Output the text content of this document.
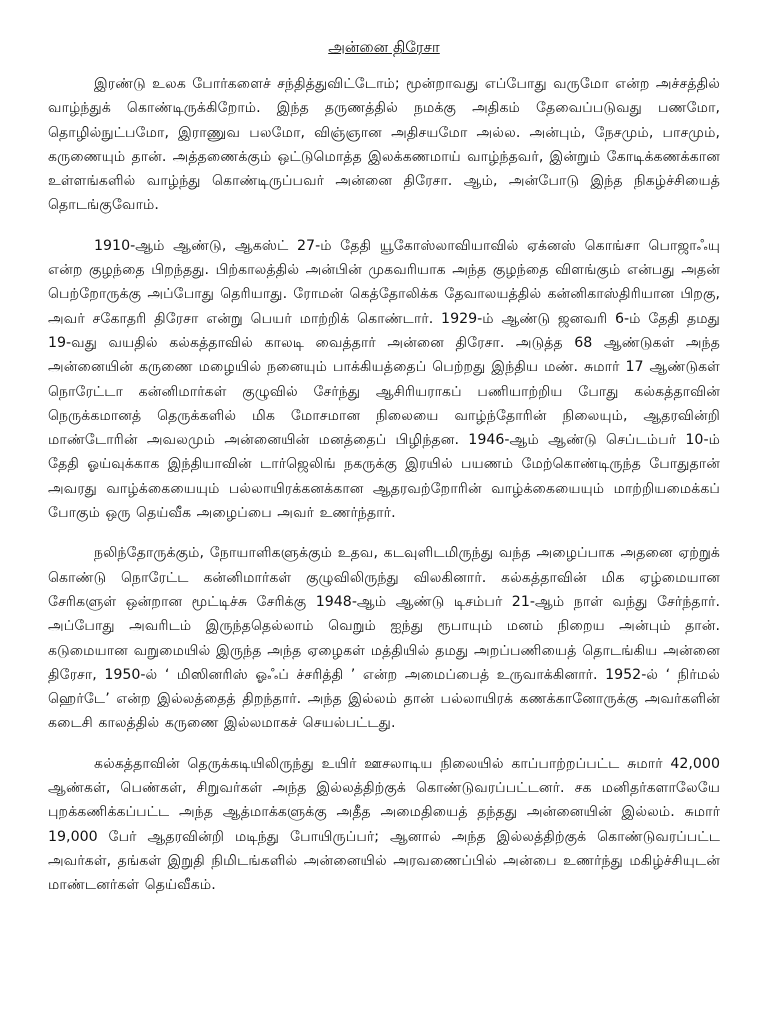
அன்னை திரேசா

இரண்டு உலக போர்களைச் சந்தித்துவிட்டோம்; மூன்றாவது எப்போது வருமோ என்ற அச்சத்தில் வாழ்ந்துக் கொண்டிருக்கிறோம். இந்த தருணத்தில் நமக்கு அதிகம் தேவைப்படுவது பணமோ, தொழில்நுட்பமோ, இராணுவ பலமோ, விஞ்ஞான அதிசயமோ அல்ல. அன்பும், நேசமும், பாசமும், கருணையும் தான். அத்தணைக்கும் ஒட்டுமொத்த இலக்கணமாய் வாழ்ந்தவர், இன்றும் கோடிக்கணக்கான உள்ளங்களில் வாழ்ந்து கொண்டிருப்பவர் அன்னை திரேசா. ஆம், அன்போடு இந்த நிகழ்ச்சியைத் தொடங்குவோம்.

1910-ஆம் ஆண்டு, ஆகஸ்ட் 27-ம் தேதி யூகோஸ்லாவியாவில் ஏக்னஸ் கொங்சா பொஜாஃயு என்ற குழந்தை பிறந்தது. பிற்காலத்தில் அன்பின் முகவரியாக அந்த குழந்தை விளங்கும் என்பது அதன் பெற்றோருக்கு அப்போது தெரியாது. ரோமன் கெத்தோலிக்க தேவாலயத்தில் கன்னிகாஸ்திரியான பிறகு, அவர் சகோதரி திரேசா என்று பெயர் மாற்றிக் கொண்டார். 1929-ம் ஆண்டு ஜனவரி 6-ம் தேதி தமது 19-வது வயதில் கல்கத்தாவில் காலடி வைத்தார் அன்னை திரேசா. அடுத்த 68 ஆண்டுகள் அந்த அன்னையின் கருணை மழையில் நனையும் பாக்கியத்தைப் பெற்றது இந்திய மண். சுமார் 17 ஆண்டுகள் நொரேட்டா கன்னிமார்கள் குழுவில் சேர்ந்து ஆசிரியராகப் பணியாற்றிய போது கல்கத்தாவின் நெருக்கமானத் தெருக்களில் மிக மோசமான நிலையை வாழ்ந்தோரின் நிலையும், ஆதரவின்றி மாண்டோரின் அவலமும் அன்னையின் மனத்தைப் பிழிந்தன. 1946-ஆம் ஆண்டு செப்டம்பர் 10-ம் தேதி ஓய்வுக்காக இந்தியாவின் டார்ஜெலிங் நகருக்கு இரயில் பயணம் மேற்கொண்டிருந்த போதுதான் அவரது வாழ்க்கையையும் பல்லாயிரக்கனக்கான ஆதரவற்றோரின் வாழ்க்கையையும் மாற்றியமைக்கப் போகும் ஒரு தெய்வீக அழைப்பை அவர் உணர்ந்தார்.

நலிந்தோருக்கும், நோயாளிகளுக்கும் உதவ, கடவுளிடமிருந்து வந்த அழைப்பாக அதனை ஏற்றுக் கொண்டு நொரேட்ட கன்னிமார்கள் குழுவிலிருந்து விலகினார். கல்கத்தாவின் மிக ஏழ்மையான சேரிகளுள் ஒன்றான மூட்டிச்சு சேரிக்கு 1948-ஆம் ஆண்டு டிசம்பர் 21-ஆம் நாள் வந்து சேர்ந்தார். அப்போது அவரிடம் இருந்ததெல்லாம் வெறும் ஐந்து ரூபாயும் மனம் நிறைய அன்பும் தான். கடுமையான வறுமையில் இருந்த அந்த ஏழைகள் மத்தியில் தமது அறப்பணியைத் தொடங்கிய அன்னை திரேசா, 1950-ல் ‘ மிஸினரிஸ் ஓஃப் ச்சரித்தி ’ என்ற அமைப்பைத் உருவாக்கினார். 1952-ல் ‘ நிர்மல் ஹெர்டே’ என்ற இல்லத்தைத் திறந்தார். அந்த இல்லம் தான் பல்லாயிரக் கணக்கானோருக்கு அவர்களின் கடைசி காலத்தில் கருணை இல்லமாகச் செயல்பட்டது.

கல்கத்தாவின் தெருக்கடியிலிருந்து உயிர் ஊசலாடிய நிலையில் காப்பாற்றப்பட்ட சுமார் 42,000 ஆண்கள், பெண்கள், சிறுவர்கள் அந்த இல்லத்திற்குக் கொண்டுவரப்பட்டனர். சக மனிதர்களாலேயே புறக்கணிக்கப்பட்ட அந்த ஆத்மாக்களுக்கு அதீத அமைதியைத் தந்தது அன்னையின் இல்லம். சுமார் 19,000 பேர் ஆதரவின்றி மடிந்து போயிருப்பர்; ஆனால் அந்த இல்லத்திற்குக் கொண்டுவரப்பட்ட அவர்கள், தங்கள் இறுதி நிமிடங்களில் அன்னையில் அரவணைப்பில் அன்பை உணர்ந்து மகிழ்ச்சியுடன் மாண்டனர்கள் தெய்வீகம்.
